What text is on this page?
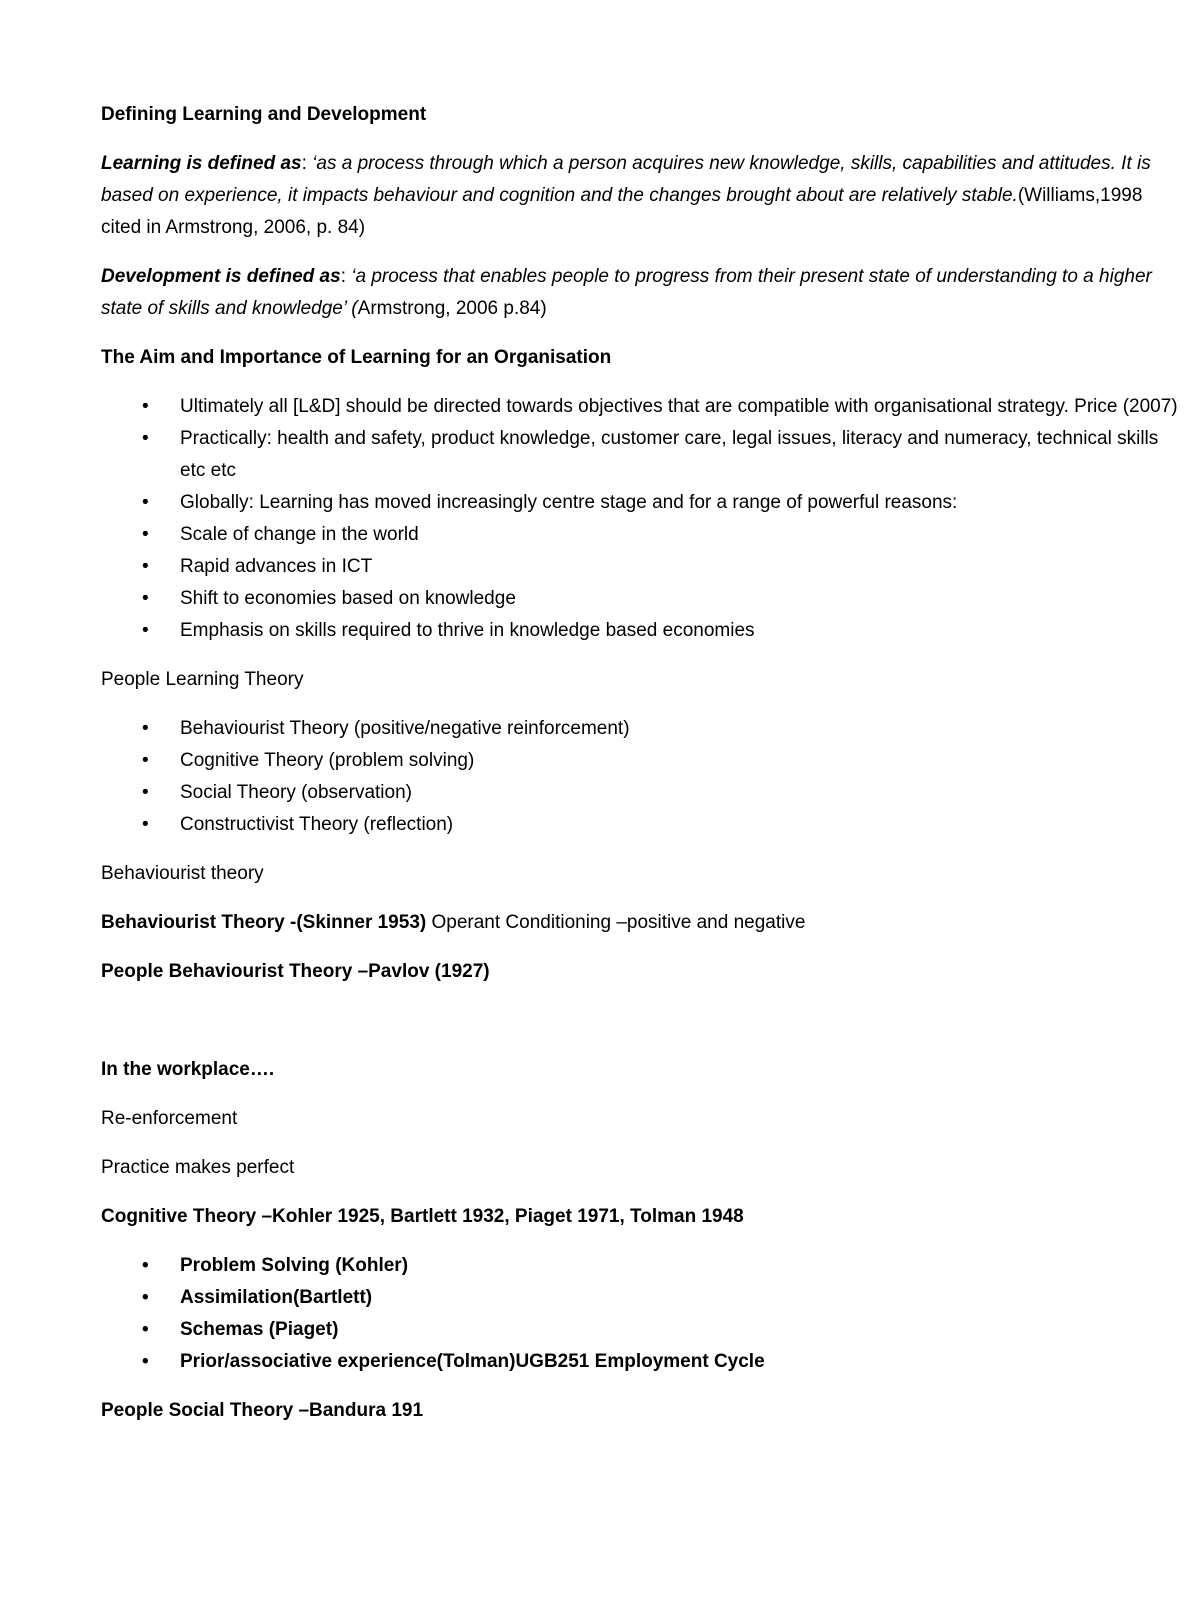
Defining Learning and Development

Learning is defined as: ‘as a process through which a person acquires new knowledge, skills, capabilities and attitudes. It is based on experience, it impacts behaviour and cognition and the changes brought about are relatively stable.(Williams,1998 cited in Armstrong, 2006, p. 84)

Development is defined as: ‘a process that enables people to progress from their present state of understanding to a higher state of skills and knowledge’ (Armstrong, 2006 p.84)

The Aim and Importance of Learning for an Organisation

•	Ultimately all [L&D] should be directed towards objectives that are compatible with organisational strategy. Price (2007)
•	Practically: health and safety, product knowledge, customer care, legal issues, literacy and numeracy, technical skills etc etc
•	Globally: Learning has moved increasingly centre stage and for a range of powerful reasons:
•	Scale of change in the world
•	Rapid advances in ICT
•	Shift to economies based on knowledge
•	Emphasis on skills required to thrive in knowledge based economies

People Learning Theory

•	Behaviourist Theory (positive/negative reinforcement)
•	Cognitive Theory (problem solving)
•	Social Theory (observation)
•	Constructivist Theory (reflection)

Behaviourist theory

Behaviourist Theory -(Skinner 1953) Operant Conditioning –positive and negative

People Behaviourist Theory –Pavlov (1927)

In the workplace….

Re-enforcement

Practice makes perfect

Cognitive Theory –Kohler 1925, Bartlett 1932, Piaget 1971, Tolman 1948

•	Problem Solving (Kohler)
•	Assimilation(Bartlett)
•	Schemas (Piaget)
•	Prior/associative experience(Tolman)UGB251 Employment Cycle

People Social Theory –Bandura 191
